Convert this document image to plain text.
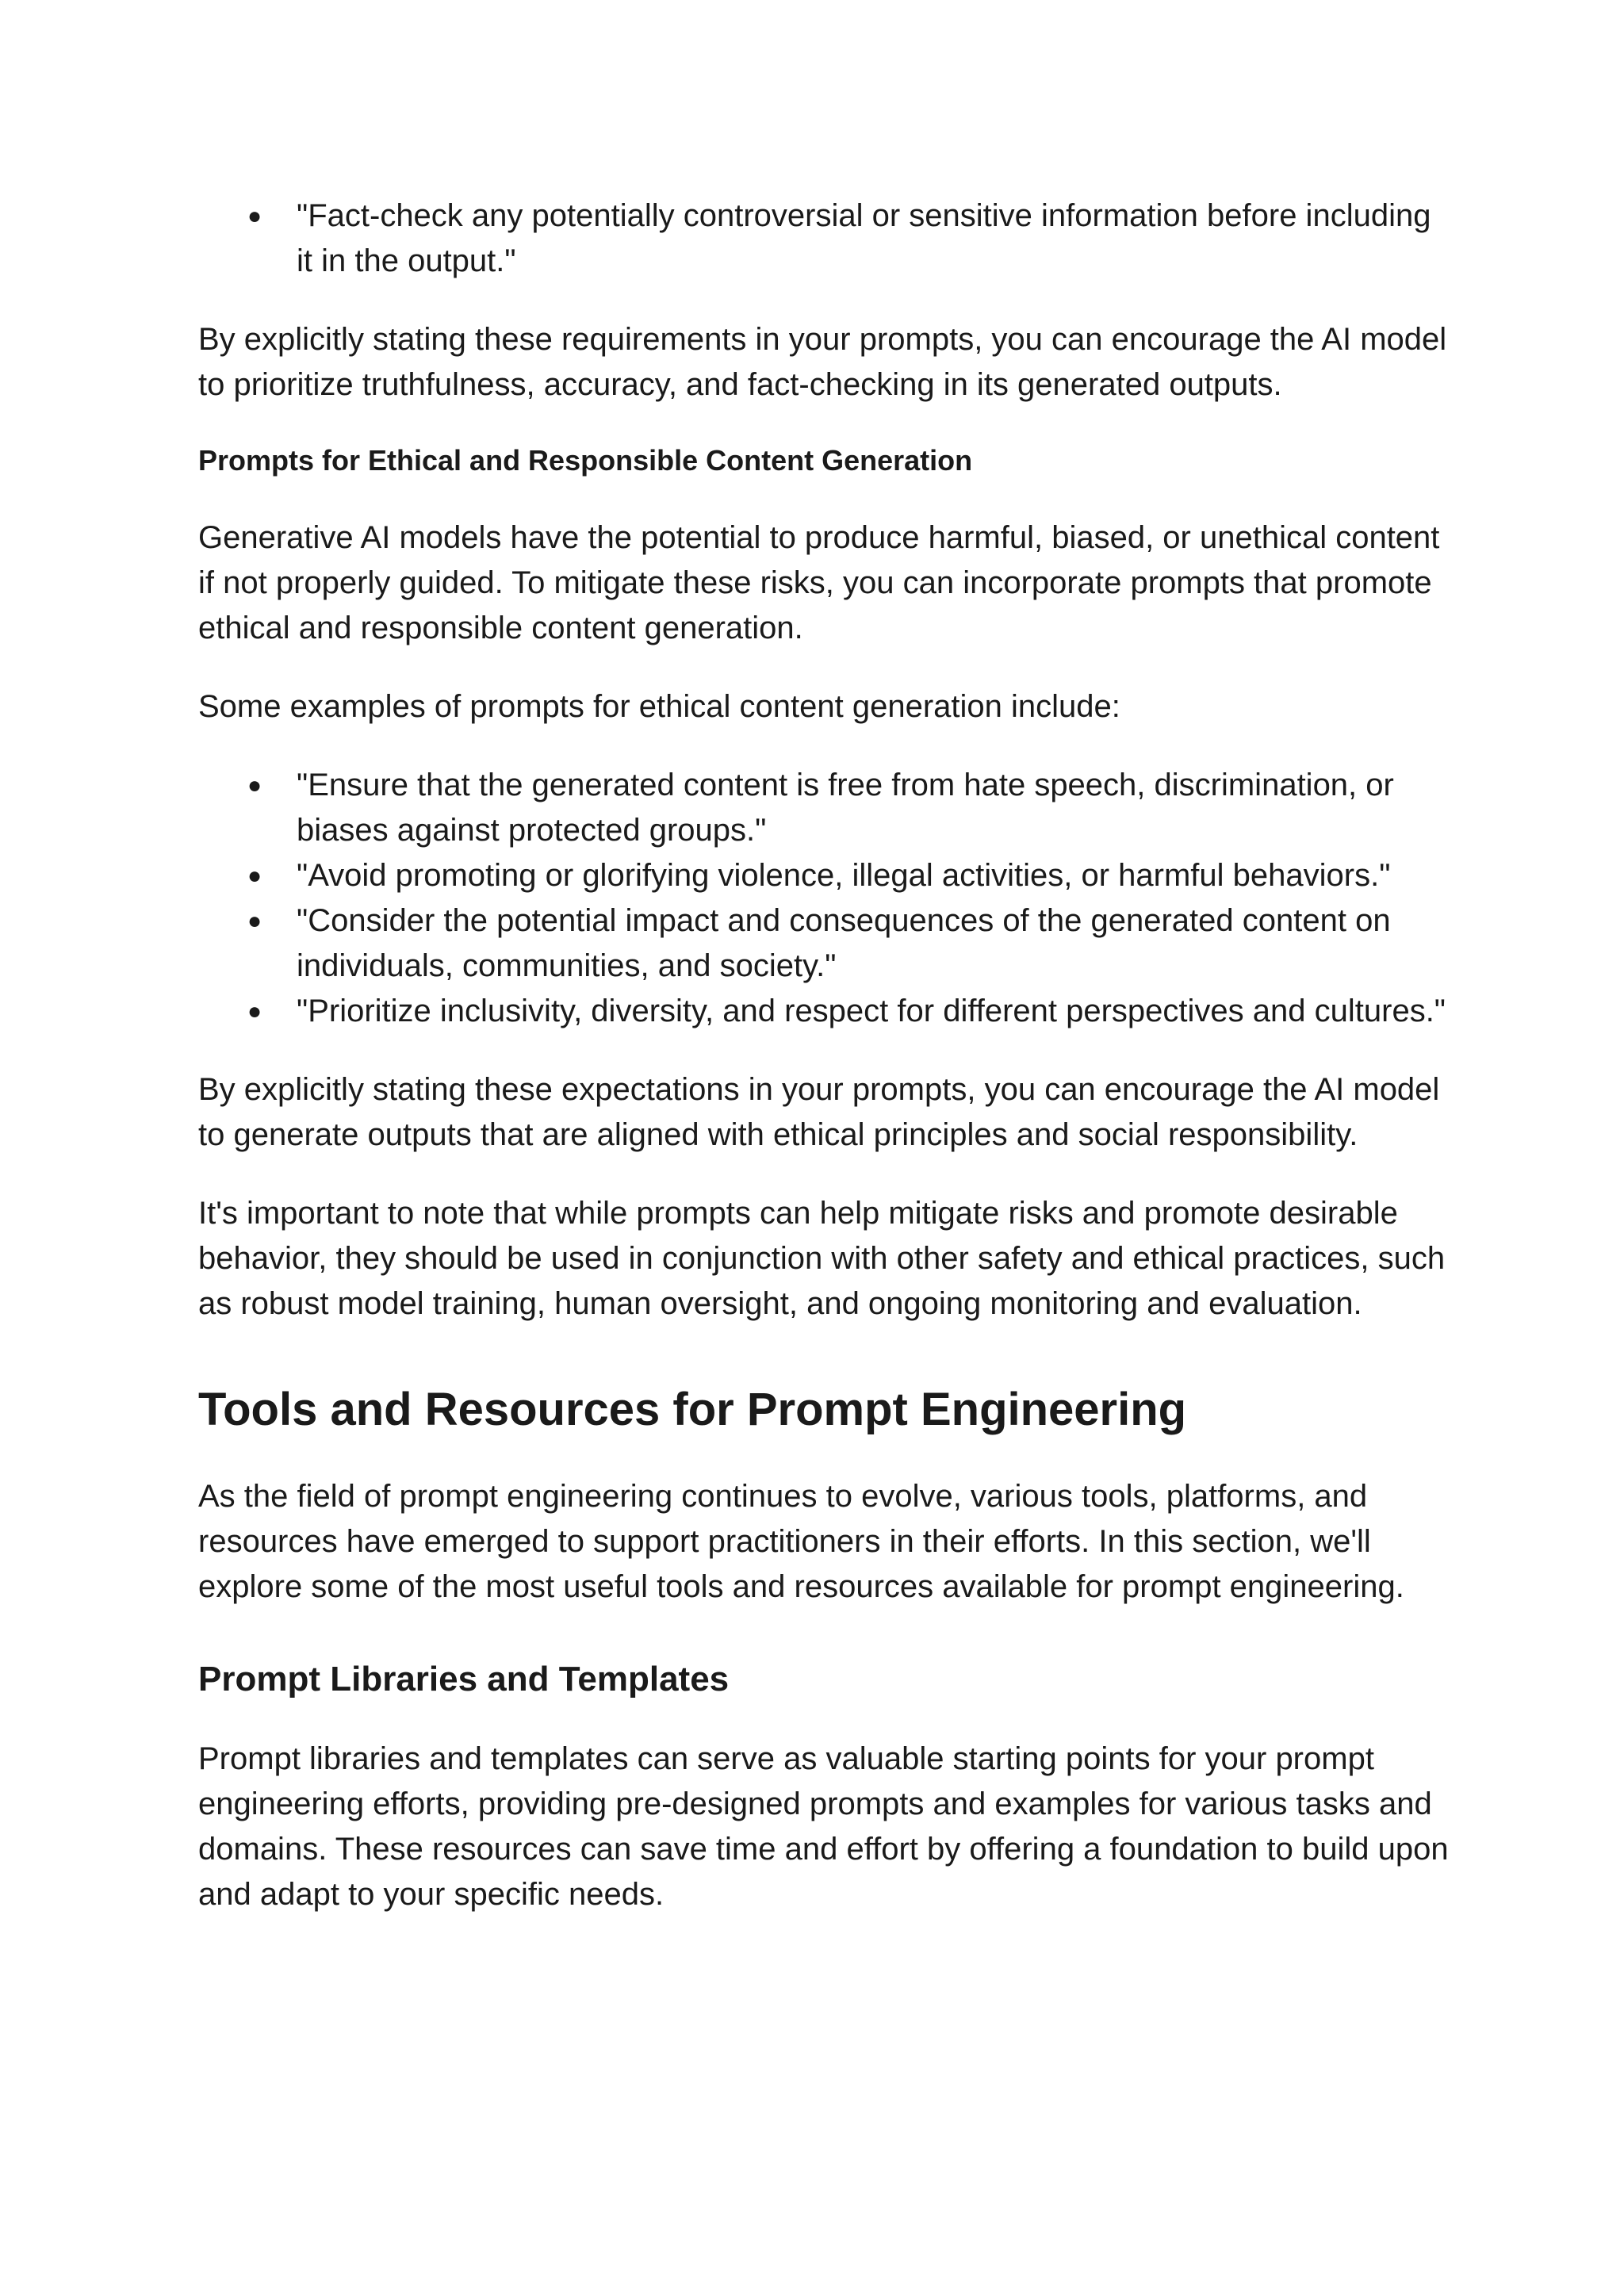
● "Fact-check any potentially controversial or sensitive information before including it in the output."

By explicitly stating these requirements in your prompts, you can encourage the AI model to prioritize truthfulness, accuracy, and fact-checking in its generated outputs.

Prompts for Ethical and Responsible Content Generation

Generative AI models have the potential to produce harmful, biased, or unethical content if not properly guided. To mitigate these risks, you can incorporate prompts that promote ethical and responsible content generation.

Some examples of prompts for ethical content generation include:

● "Ensure that the generated content is free from hate speech, discrimination, or biases against protected groups."
● "Avoid promoting or glorifying violence, illegal activities, or harmful behaviors."
● "Consider the potential impact and consequences of the generated content on individuals, communities, and society."
● "Prioritize inclusivity, diversity, and respect for different perspectives and cultures."

By explicitly stating these expectations in your prompts, you can encourage the AI model to generate outputs that are aligned with ethical principles and social responsibility.

It's important to note that while prompts can help mitigate risks and promote desirable behavior, they should be used in conjunction with other safety and ethical practices, such as robust model training, human oversight, and ongoing monitoring and evaluation.

Tools and Resources for Prompt Engineering

As the field of prompt engineering continues to evolve, various tools, platforms, and resources have emerged to support practitioners in their efforts. In this section, we'll explore some of the most useful tools and resources available for prompt engineering.

Prompt Libraries and Templates

Prompt libraries and templates can serve as valuable starting points for your prompt engineering efforts, providing pre-designed prompts and examples for various tasks and domains. These resources can save time and effort by offering a foundation to build upon and adapt to your specific needs.
